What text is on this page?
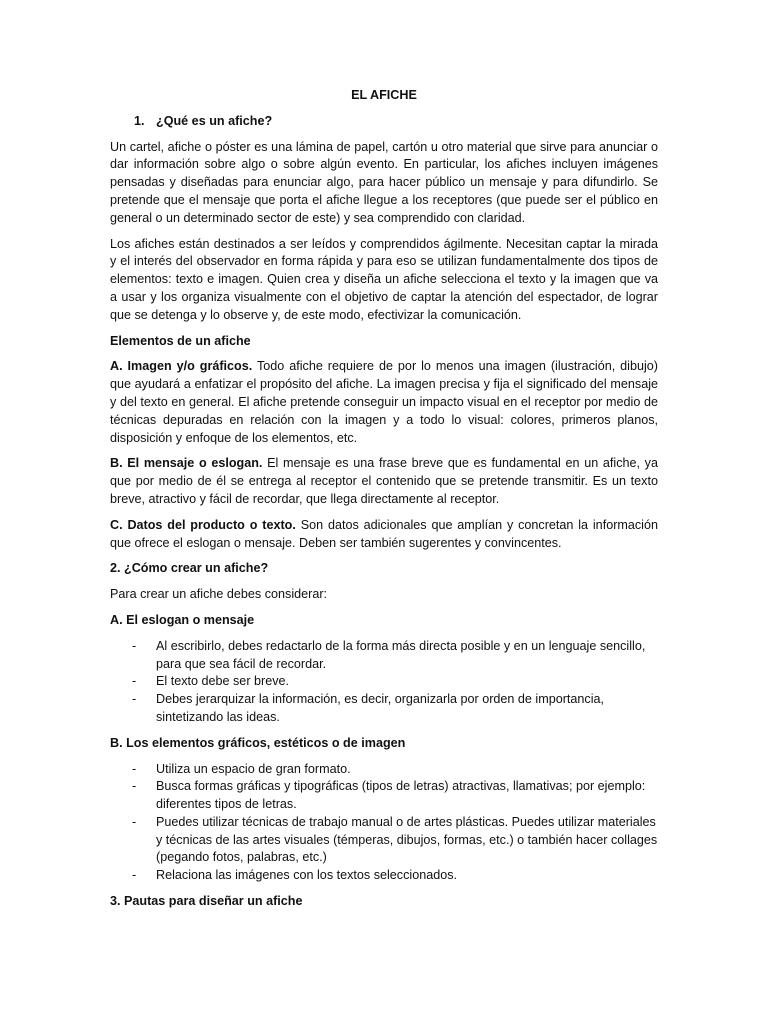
EL AFICHE
1. ¿Qué es un afiche?

Un cartel, afiche o póster es una lámina de papel, cartón u otro material que sirve para anunciar o dar información sobre algo o sobre algún evento. En particular, los afiches incluyen imágenes pensadas y diseñadas para enunciar algo, para hacer público un mensaje y para difundirlo. Se pretende que el mensaje que porta el afiche llegue a los receptores (que puede ser el público en general o un determinado sector de este) y sea comprendido con claridad.

Los afiches están destinados a ser leídos y comprendidos ágilmente. Necesitan captar la mirada y el interés del observador en forma rápida y para eso se utilizan fundamentalmente dos tipos de elementos: texto e imagen. Quien crea y diseña un afiche selecciona el texto y la imagen que va a usar y los organiza visualmente con el objetivo de captar la atención del espectador, de lograr que se detenga y lo observe y, de este modo, efectivizar la comunicación.

Elementos de un afiche

A. Imagen y/o gráficos. Todo afiche requiere de por lo menos una imagen (ilustración, dibujo) que ayudará a enfatizar el propósito del afiche. La imagen precisa y fija el significado del mensaje y del texto en general. El afiche pretende conseguir un impacto visual en el receptor por medio de técnicas depuradas en relación con la imagen y a todo lo visual: colores, primeros planos, disposición y enfoque de los elementos, etc.

B. El mensaje o eslogan. El mensaje es una frase breve que es fundamental en un afiche, ya que por medio de él se entrega al receptor el contenido que se pretende transmitir. Es un texto breve, atractivo y fácil de recordar, que llega directamente al receptor.

C. Datos del producto o texto. Son datos adicionales que amplían y concretan la información que ofrece el eslogan o mensaje. Deben ser también sugerentes y convincentes.

2. ¿Cómo crear un afiche?

Para crear un afiche debes considerar:

A. El eslogan o mensaje
- Al escribirlo, debes redactarlo de la forma más directa posible y en un lenguaje sencillo, para que sea fácil de recordar.
- El texto debe ser breve.
- Debes jerarquizar la información, es decir, organizarla por orden de importancia, sintetizando las ideas.
B. Los elementos gráficos, estéticos o de imagen
- Utiliza un espacio de gran formato.
- Busca formas gráficas y tipográficas (tipos de letras) atractivas, llamativas; por ejemplo: diferentes tipos de letras.
- Puedes utilizar técnicas de trabajo manual o de artes plásticas. Puedes utilizar materiales y técnicas de las artes visuales (témperas, dibujos, formas, etc.) o también hacer collages (pegando fotos, palabras, etc.)
- Relaciona las imágenes con los textos seleccionados.
3. Pautas para diseñar un afiche
